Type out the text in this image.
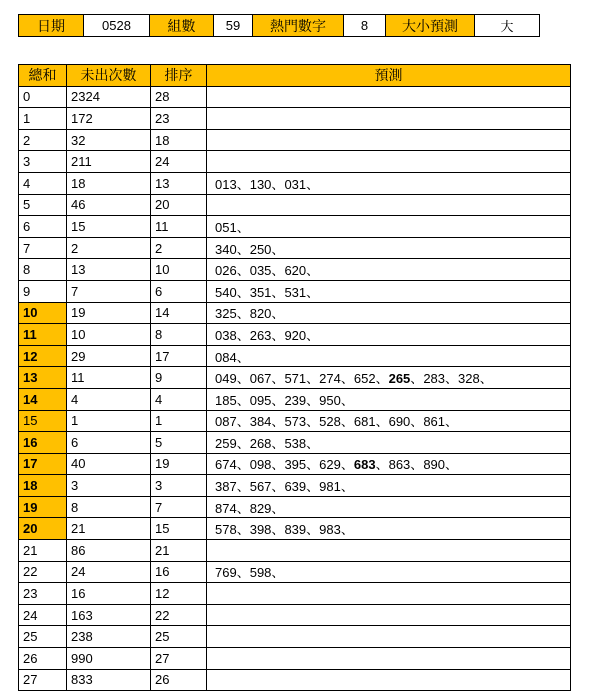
日期	0528	組數	59	熱門數字	8	大小預測	大
總和	未出次數	排序	預測
0	2324	28	
1	172	23	
2	32	18	
3	211	24	
4	18	13	013、130、031、
5	46	20	
6	15	11	051、
7	2	2	340、250、
8	13	10	026、035、620、
9	7	6	540、351、531、
10	19	14	325、820、
11	10	8	038、263、920、
12	29	17	084、
13	11	9	049、067、571、274、652、265、283、328、
14	4	4	185、095、239、950、
15	1	1	087、384、573、528、681、690、861、
16	6	5	259、268、538、
17	40	19	674、098、395、629、683、863、890、
18	3	3	387、567、639、981、
19	8	7	874、829、
20	21	15	578、398、839、983、
21	86	21	
22	24	16	769、598、
23	16	12	
24	163	22	
25	238	25	
26	990	27	
27	833	26	
